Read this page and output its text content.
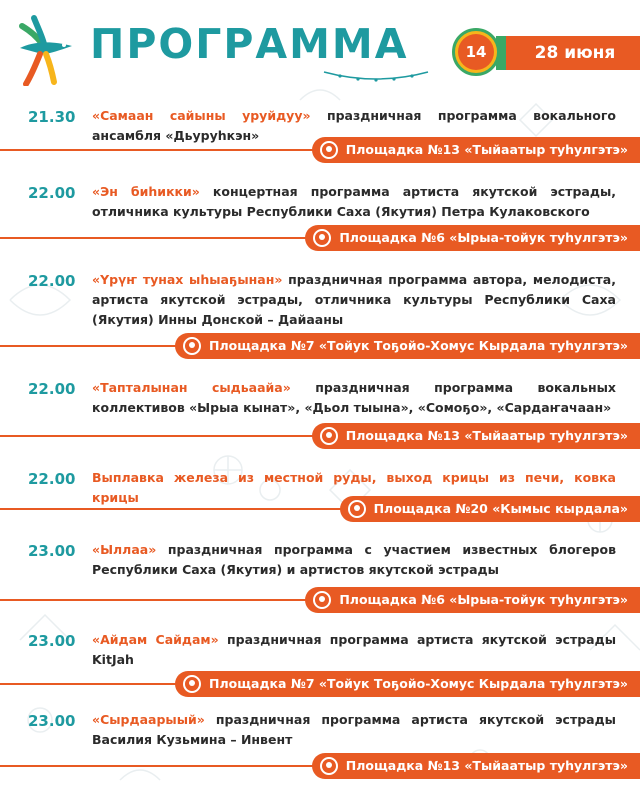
ПРОГРАММА	28 июня
14
21.30 «Самаан сайыны уруйдуу» праздничная программа вокального ансамбля «Дьуруһкэн»
Площадка №13 «Тыйаатыр туһулгэтэ»
22.00 «Эн биһикки» концертная программа артиста якутской эстрады, отличника культуры Республики Саха (Якутия) Петра Кулаковского
Площадка №6 «Ырыа-тойук туһулгэтэ»
22.00 «Үрүҥ тунах ыһыаҕынан» праздничная программа автора, мелодиста, артиста якутской эстрады, отличника культуры Республики Саха (Якутия) Инны Донской – Дайааны
Площадка №7 «Тойук Тоҕойо-Хомус Кырдала туһулгэтэ»
22.00 «Тапталынан сыдьаайа» праздничная программа вокальных коллективов «Ырыа кынат», «Дьол тыына», «Сомоҕо», «Сардаҥачаан»
Площадка №13 «Тыйаатыр туһулгэтэ»
22.00 Выплавка железа из местной руды, выход крицы из печи, ковка крицы
Площадка №20 «Кымыс кырдала»
23.00 «Ыллаа» праздничная программа с участием известных блогеров Республики Саха (Якутия) и артистов якутской эстрады
Площадка №6 «Ырыа-тойук туһулгэтэ»
23.00 «Айдам Сайдам» праздничная программа артиста якутской эстрады KitJah
Площадка №7 «Тойук Тоҕойо-Хомус Кырдала туһулгэтэ»
23.00 «Сырдаарыый» праздничная программа артиста якутской эстрады Василия Кузьмина – Инвент
Площадка №13 «Тыйаатыр туһулгэтэ»
